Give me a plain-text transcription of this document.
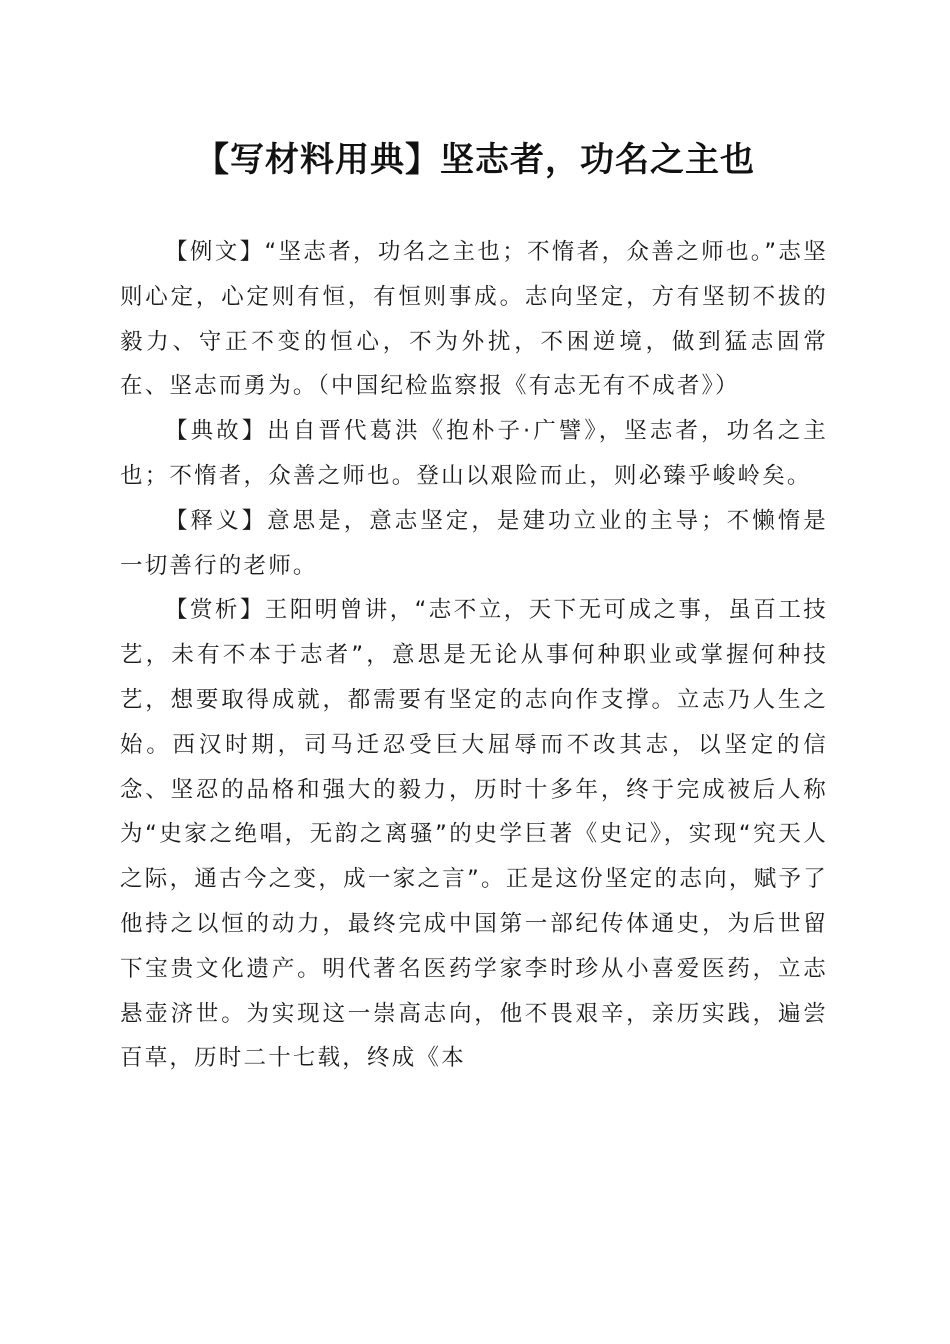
【写材料用典】坚志者，功名之主也

【例文】“坚志者，功名之主也；不惰者，众善之师也。”志坚则心定，心定则有恒，有恒则事成。志向坚定，方有坚韧不拔的毅力、守正不变的恒心，不为外扰，不困逆境，做到猛志固常在、坚志而勇为。（中国纪检监察报《有志无有不成者》）

【典故】出自晋代葛洪《抱朴子·广譬》，坚志者，功名之主也；不惰者，众善之师也。登山以艰险而止，则必臻乎峻岭矣。

【释义】意思是，意志坚定，是建功立业的主导；不懒惰是一切善行的老师。

【赏析】王阳明曾讲，“志不立，天下无可成之事，虽百工技艺，未有不本于志者”，意思是无论从事何种职业或掌握何种技艺，想要取得成就，都需要有坚定的志向作支撑。立志乃人生之始。西汉时期，司马迁忍受巨大屈辱而不改其志，以坚定的信念、坚忍的品格和强大的毅力，历时十多年，终于完成被后人称为“史家之绝唱，无韵之离骚”的史学巨著《史记》，实现“究天人之际，通古今之变，成一家之言”。正是这份坚定的志向，赋予了他持之以恒的动力，最终完成中国第一部纪传体通史，为后世留下宝贵文化遗产。明代著名医药学家李时珍从小喜爱医药，立志悬壶济世。为实现这一崇高志向，他不畏艰辛，亲历实践，遍尝百草，历时二十七载，终成《本
